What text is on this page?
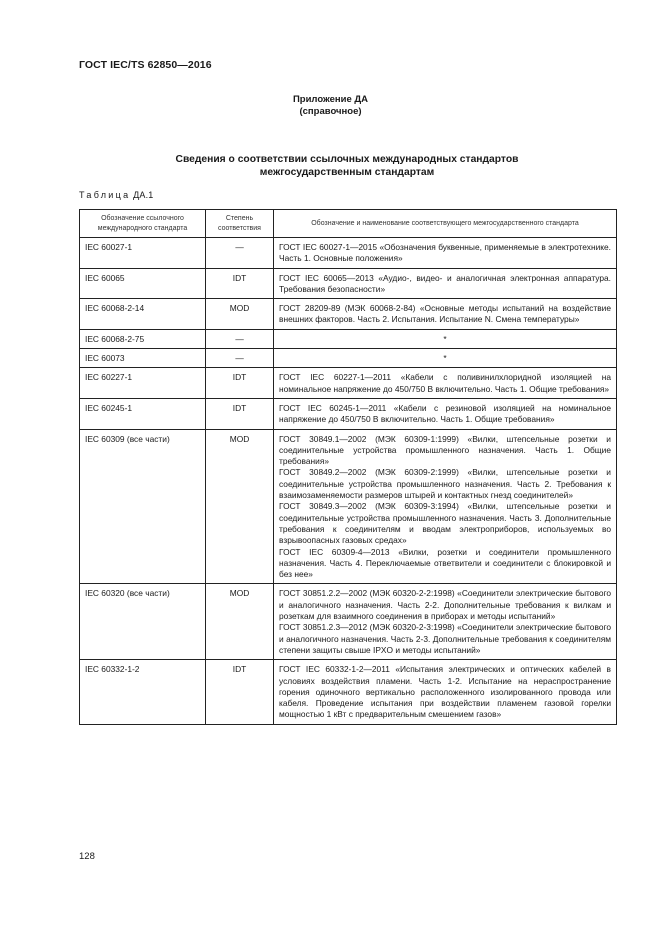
ГОСТ IEC/TS 62850—2016
Приложение ДА
(справочное)
Сведения о соответствии ссылочных международных стандартов
межгосударственным стандартам
Таблица ДА.1
Обозначение ссылочного международного стандарта	Степень соответствия	Обозначение и наименование соответствующего межгосударственного стандарта
IEC 60027-1	—	ГОСТ IEC 60027-1—2015 «Обозначения буквенные, применяемые в электротехнике. Часть 1. Основные положения»
IEC 60065	IDT	ГОСТ IEC 60065—2013 «Аудио-, видео- и аналогичная электронная аппаратура. Требования безопасности»
IEC 60068-2-14	MOD	ГОСТ 28209-89 (МЭК 60068-2-84) «Основные методы испытаний на воздействие внешних факторов. Часть 2. Испытания. Испытание N. Смена температуры»
IEC 60068-2-75	—	*
IEC 60073	—	*
IEC 60227-1	IDT	ГОСТ IEC 60227-1—2011 «Кабели с поливинилхлоридной изоляцией на номинальное напряжение до 450/750 В включительно. Часть 1. Общие требования»
IEC 60245-1	IDT	ГОСТ IEC 60245-1—2011 «Кабели с резиновой изоляцией на номинальное напряжение до 450/750 В включительно. Часть 1. Общие требования»
IEC 60309 (все части)	MOD	ГОСТ 30849.1—2002 (МЭК 60309-1:1999) «Вилки, штепсельные розетки и соединительные устройства промышленного назначения. Часть 1. Общие требования»
ГОСТ 30849.2—2002 (МЭК 60309-2:1999) «Вилки, штепсельные розетки и соединительные устройства промышленного назначения. Часть 2. Требования к взаимозаменяемости размеров штырей и контактных гнезд соединителей»
ГОСТ 30849.3—2002 (МЭК 60309-3:1994) «Вилки, штепсельные розетки и соединительные устройства промышленного назначения. Часть 3. Дополнительные требования к соединителям и вводам электроприборов, используемых во взрывоопасных газовых средах»
ГОСТ IEC 60309-4—2013 «Вилки, розетки и соединители промышленного назначения. Часть 4. Переключаемые ответвители и соединители с блокировкой и без нее»
IEC 60320 (все части)	MOD	ГОСТ 30851.2.2—2002 (МЭК 60320-2-2:1998) «Соединители электрические бытового и аналогичного назначения. Часть 2-2. Дополнительные требования к вилкам и розеткам для взаимного соединения в приборах и методы испытаний»
ГОСТ 30851.2.3—2012 (МЭК 60320-2-3:1998) «Соединители электрические бытового и аналогичного назначения. Часть 2-3. Дополнительные требования к соединителям степени защиты свыше IPXO и методы испытаний»
IEC 60332-1-2	IDT	ГОСТ IEC 60332-1-2—2011 «Испытания электрических и оптических кабелей в условиях воздействия пламени. Часть 1-2. Испытание на нераспространение горения одиночного вертикально расположенного изолированного провода или кабеля. Проведение испытания при воздействии пламенем газовой горелки мощностью 1 кВт с предварительным смешением газов»
128
